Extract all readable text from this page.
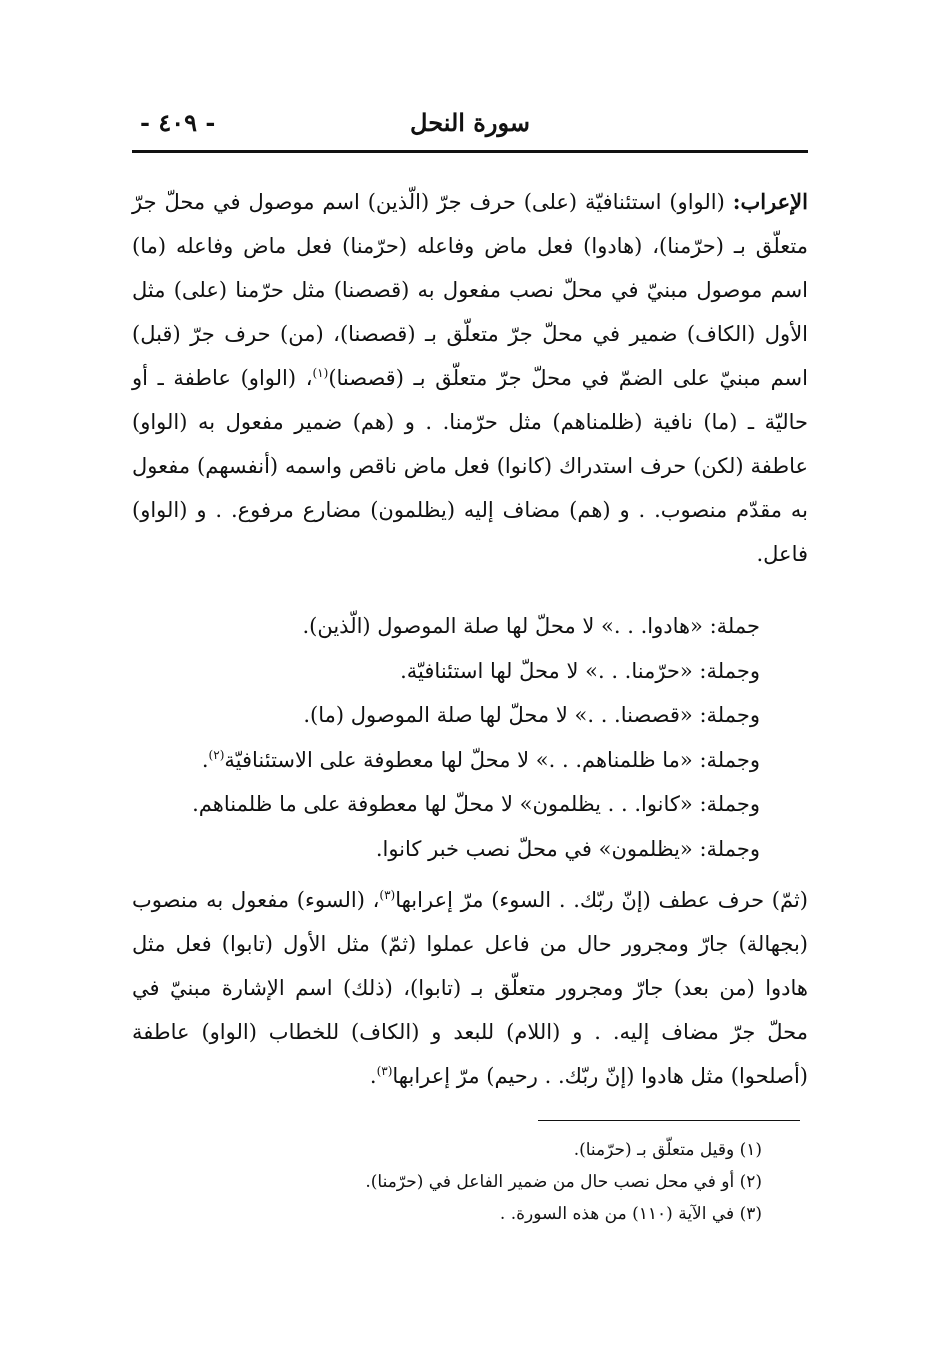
سورة النحل
- ٤٠٩ -
الإعراب: (الواو) استئنافيّة (على) حرف جرّ (الّذين) اسم موصول في محلّ جرّ متعلّق بـ (حرّمنا)، (هادوا) فعل ماض وفاعله (حرّمنا) فعل ماض وفاعله (ما) اسم موصول مبنيّ في محلّ نصب مفعول به (قصصنا) مثل حرّمنا (على) مثل الأول (الكاف) ضمير في محلّ جرّ متعلّق بـ (قصصنا)، (من) حرف جرّ (قبل) اسم مبنيّ على الضمّ في محلّ جرّ متعلّق بـ (قصصنا)$^{(١)}$، (الواو) عاطفة ـ أو حاليّة ـ (ما) نافية (ظلمناهم) مثل حرّمنا. . و (هم) ضمير مفعول به (الواو) عاطفة (لكن) حرف استدراك (كانوا) فعل ماض ناقص واسمه (أنفسهم) مفعول به مقدّم منصوب. . و (هم) مضاف إليه (يظلمون) مضارع مرفوع. . و (الواو) فاعل.
جملة: «هادوا. . .» لا محلّ لها صلة الموصول (الّذين).
وجملة: «حرّمنا. . .» لا محلّ لها استئنافيّة.
وجملة: «قصصنا. . .» لا محلّ لها صلة الموصول (ما).
وجملة: «ما ظلمناهم. . .» لا محلّ لها معطوفة على الاستئنافيّة$^{(٢)}$.
وجملة: «كانوا. . . يظلمون» لا محلّ لها معطوفة على ما ظلمناهم.
وجملة: «يظلمون» في محلّ نصب خبر كانوا.
(ثمّ) حرف عطف (إنّ ربّك. . السوء) مرّ إعرابها$^{(٣)}$، (السوء) مفعول به منصوب (بجهالة) جارّ ومجرور حال من فاعل عملوا (ثمّ) مثل الأول (تابوا) فعل مثل هادوا (من بعد) جارّ ومجرور متعلّق بـ (تابوا)، (ذلك) اسم الإشارة مبنيّ في محلّ جرّ مضاف إليه. . و (اللام) للبعد و (الكاف) للخطاب (الواو) عاطفة (أصلحوا) مثل هادوا (إنّ ربّك. . رحيم) مرّ إعرابها$^{(٣)}$.
(١) وقيل متعلّق بـ (حرّمنا).
(٢) أو في محل نصب حال من ضمير الفاعل في (حرّمنا).
(٣) في الآية (١١٠) من هذه السورة. .
